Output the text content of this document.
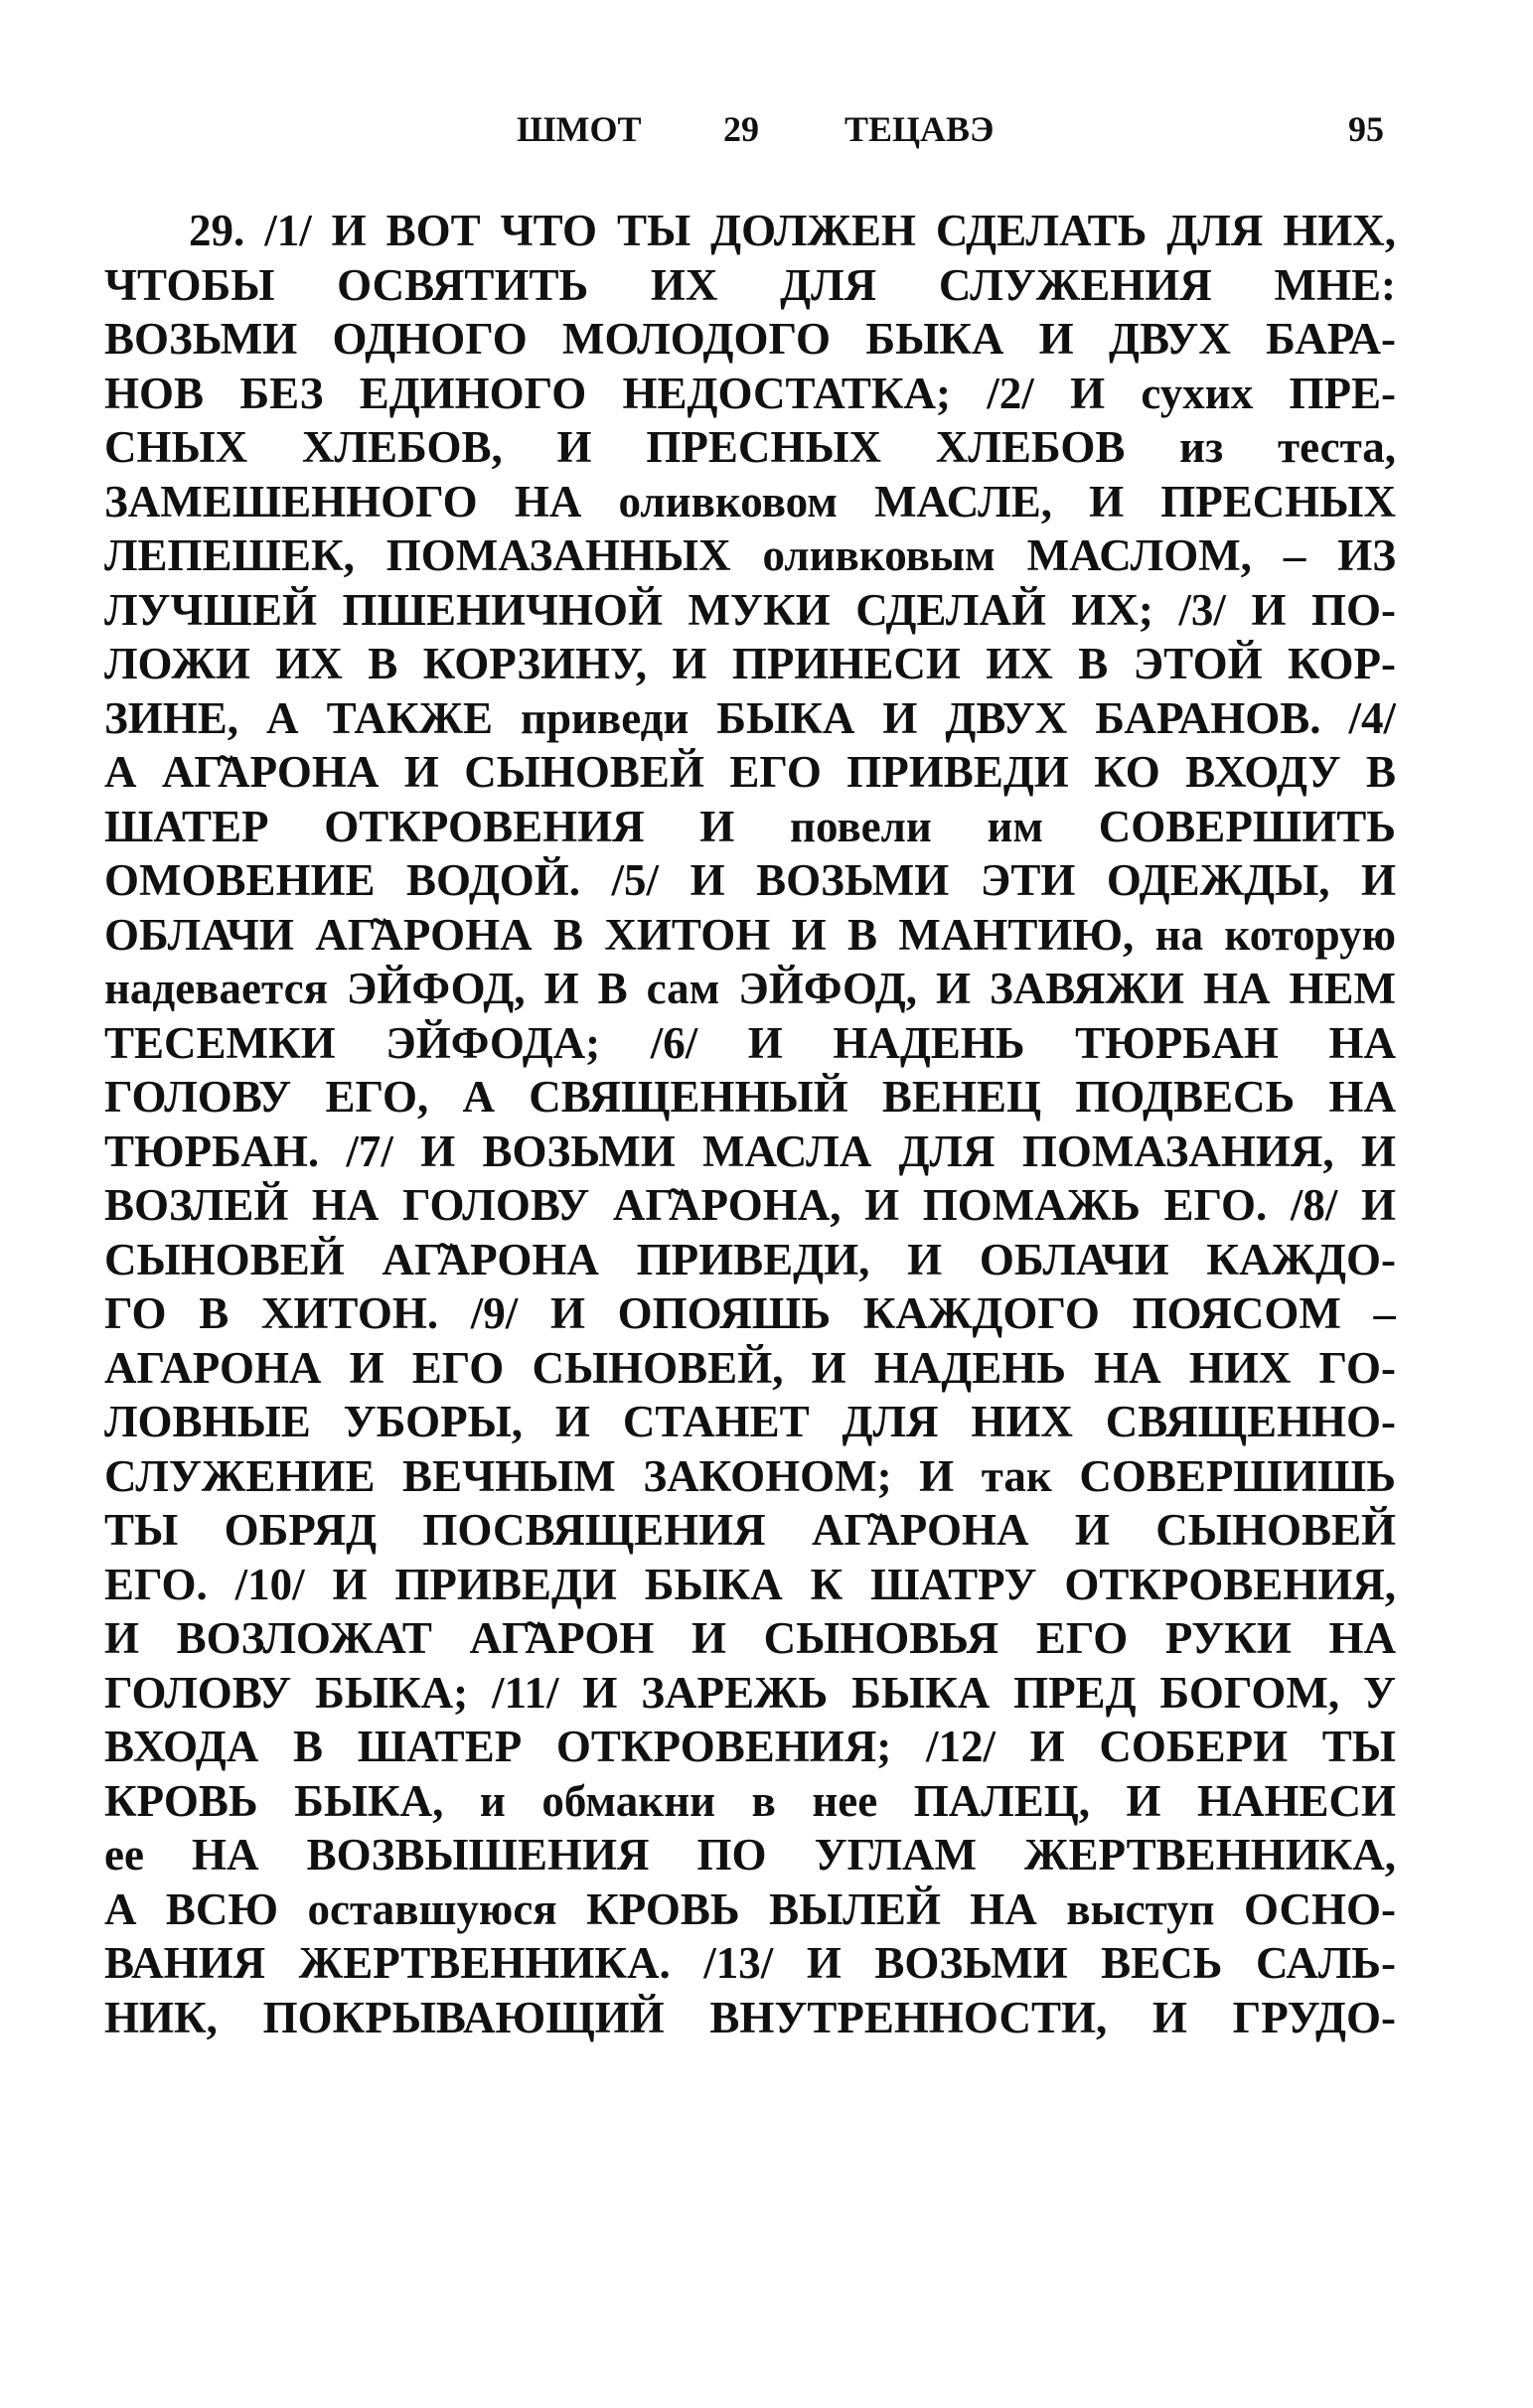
ШМОТ 29 ТЕЦАВЭ	95
29. /1/ И ВОТ ЧТО ТЫ ДОЛЖЕН СДЕЛАТЬ ДЛЯ НИХ,
ЧТОБЫ ОСВЯТИТЬ ИХ ДЛЯ СЛУЖЕНИЯ МНЕ:
ВОЗЬМИ ОДНОГО МОЛОДОГО БЫКА И ДВУХ БАРА-
НОВ БЕЗ ЕДИНОГО НЕДОСТАТКА; /2/ И сухих ПРЕ-
СНЫХ ХЛЕБОВ, И ПРЕСНЫХ ХЛЕБОВ из теста,
ЗАМЕШЕННОГО НА оливковом МАСЛЕ, И ПРЕСНЫХ
ЛЕПЕШЕК, ПОМАЗАННЫХ оливковым МАСЛОМ, – ИЗ
ЛУЧШЕЙ ПШЕНИЧНОЙ МУКИ СДЕЛАЙ ИХ; /3/ И ПО-
ЛОЖИ ИХ В КОРЗИНУ, И ПРИНЕСИ ИХ В ЭТОЙ КОР-
ЗИНЕ, А ТАКЖЕ приведи БЫКА И ДВУХ БАРАНОВ. /4/
А АГ̃АРОНА И СЫНОВЕЙ ЕГО ПРИВЕДИ КО ВХОДУ В
ШАТЕР ОТКРОВЕНИЯ И повели им СОВЕРШИТЬ
ОМОВЕНИЕ ВОДОЙ. /5/ И ВОЗЬМИ ЭТИ ОДЕЖДЫ, И
ОБЛАЧИ АГ̃АРОНА В ХИТОН И В МАНТИЮ, на которую
надевается ЭЙФОД, И В сам ЭЙФОД, И ЗАВЯЖИ НА НЕМ
ТЕСЕМКИ ЭЙФОДА; /6/ И НАДЕНЬ ТЮРБАН НА
ГОЛОВУ ЕГО, А СВЯЩЕННЫЙ ВЕНЕЦ ПОДВЕСЬ НА
ТЮРБАН. /7/ И ВОЗЬМИ МАСЛА ДЛЯ ПОМАЗАНИЯ, И
ВОЗЛЕЙ НА ГОЛОВУ АГ̃АРОНА, И ПОМАЖЬ ЕГО. /8/ И
СЫНОВЕЙ АГ̃АРОНА ПРИВЕДИ, И ОБЛАЧИ КАЖДО-
ГО В ХИТОН. /9/ И ОПОЯШЬ КАЖДОГО ПОЯСОМ –
АГАРОНА И ЕГО СЫНОВЕЙ, И НАДЕНЬ НА НИХ ГО-
ЛОВНЫЕ УБОРЫ, И СТАНЕТ ДЛЯ НИХ СВЯЩЕННО-
СЛУЖЕНИЕ ВЕЧНЫМ ЗАКОНОМ; И так СОВЕРШИШЬ
ТЫ ОБРЯД ПОСВЯЩЕНИЯ АГ̃АРОНА И СЫНОВЕЙ
ЕГО. /10/ И ПРИВЕДИ БЫКА К ШАТРУ ОТКРОВЕНИЯ,
И ВОЗЛОЖАТ АГ̃АРОН И СЫНОВЬЯ ЕГО РУКИ НА
ГОЛОВУ БЫКА; /11/ И ЗАРЕЖЬ БЫКА ПРЕД БОГОМ, У
ВХОДА В ШАТЕР ОТКРОВЕНИЯ; /12/ И СОБЕРИ ТЫ
КРОВЬ БЫКА, и обмакни в нее ПАЛЕЦ, И НАНЕСИ
ее НА ВОЗВЫШЕНИЯ ПО УГЛАМ ЖЕРТВЕННИКА,
А ВСЮ оставшуюся КРОВЬ ВЫЛЕЙ НА выступ ОСНО-
ВАНИЯ ЖЕРТВЕННИКА. /13/ И ВОЗЬМИ ВЕСЬ САЛЬ-
НИК, ПОКРЫВАЮЩИЙ ВНУТРЕННОСТИ, И ГРУДО-
